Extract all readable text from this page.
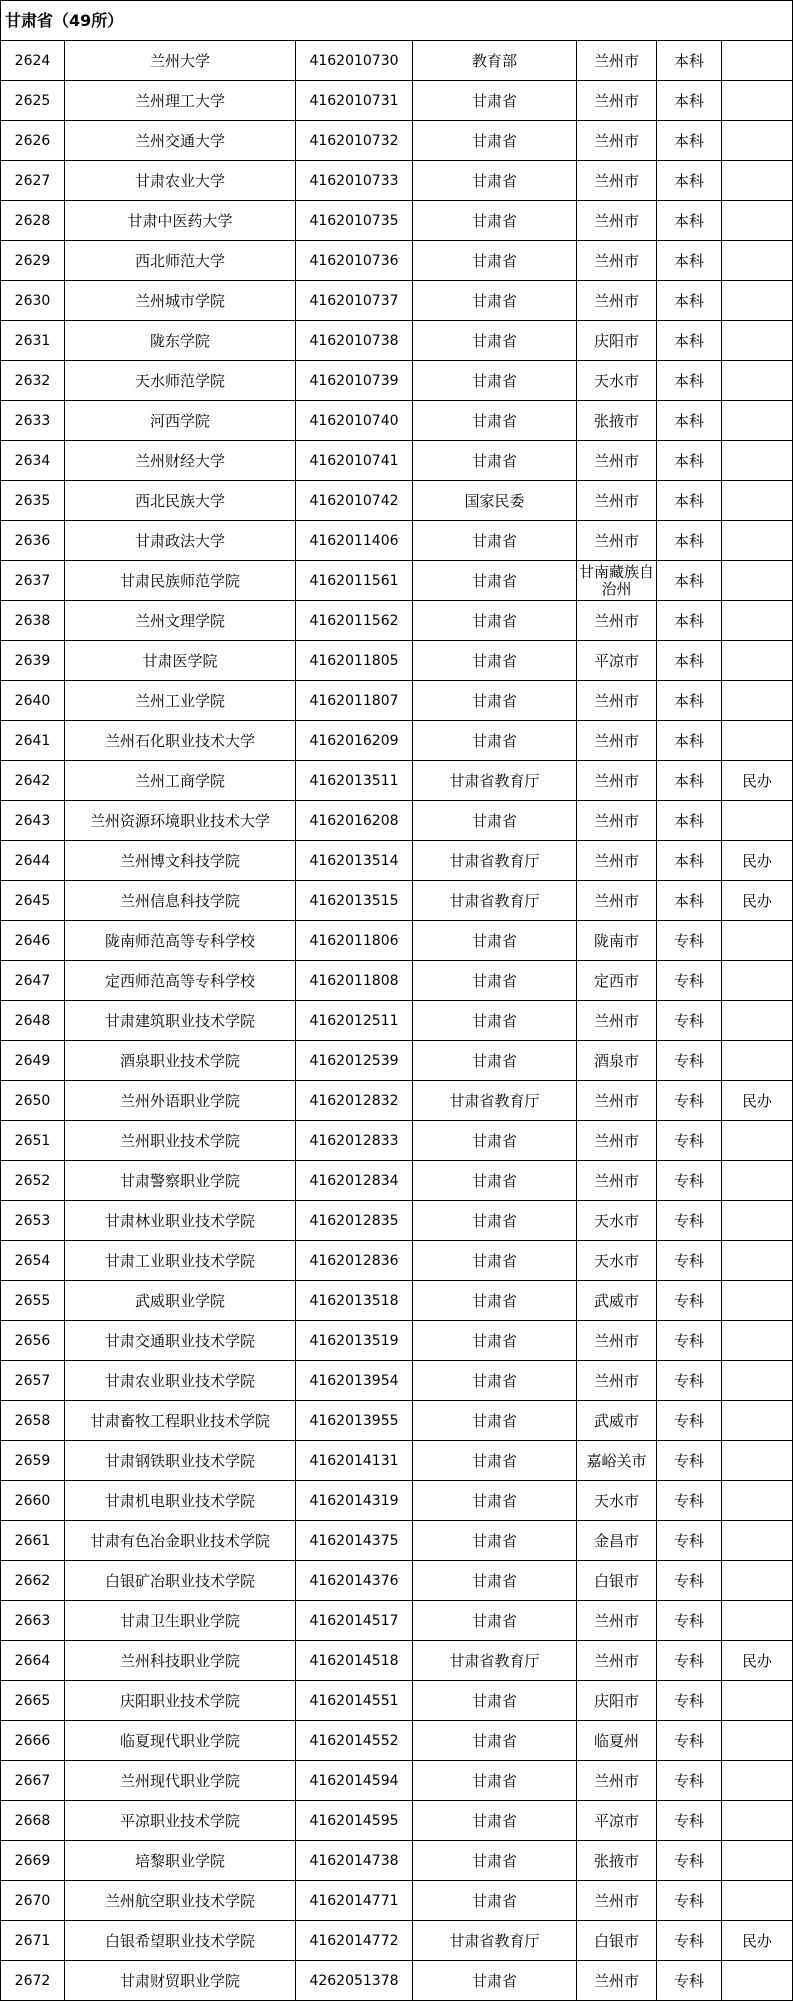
甘肃省（49所）						
2624	兰州大学	4162010730	教育部	兰州市	本科	
2625	兰州理工大学	4162010731	甘肃省	兰州市	本科	
2626	兰州交通大学	4162010732	甘肃省	兰州市	本科	
2627	甘肃农业大学	4162010733	甘肃省	兰州市	本科	
2628	甘肃中医药大学	4162010735	甘肃省	兰州市	本科	
2629	西北师范大学	4162010736	甘肃省	兰州市	本科	
2630	兰州城市学院	4162010737	甘肃省	兰州市	本科	
2631	陇东学院	4162010738	甘肃省	庆阳市	本科	
2632	天水师范学院	4162010739	甘肃省	天水市	本科	
2633	河西学院	4162010740	甘肃省	张掖市	本科	
2634	兰州财经大学	4162010741	甘肃省	兰州市	本科	
2635	西北民族大学	4162010742	国家民委	兰州市	本科	
2636	甘肃政法大学	4162011406	甘肃省	兰州市	本科	
2637	甘肃民族师范学院	4162011561	甘肃省	甘南藏族自治州	本科	
2638	兰州文理学院	4162011562	甘肃省	兰州市	本科	
2639	甘肃医学院	4162011805	甘肃省	平凉市	本科	
2640	兰州工业学院	4162011807	甘肃省	兰州市	本科	
2641	兰州石化职业技术大学	4162016209	甘肃省	兰州市	本科	
2642	兰州工商学院	4162013511	甘肃省教育厅	兰州市	本科	民办
2643	兰州资源环境职业技术大学	4162016208	甘肃省	兰州市	本科	
2644	兰州博文科技学院	4162013514	甘肃省教育厅	兰州市	本科	民办
2645	兰州信息科技学院	4162013515	甘肃省教育厅	兰州市	本科	民办
2646	陇南师范高等专科学校	4162011806	甘肃省	陇南市	专科	
2647	定西师范高等专科学校	4162011808	甘肃省	定西市	专科	
2648	甘肃建筑职业技术学院	4162012511	甘肃省	兰州市	专科	
2649	酒泉职业技术学院	4162012539	甘肃省	酒泉市	专科	
2650	兰州外语职业学院	4162012832	甘肃省教育厅	兰州市	专科	民办
2651	兰州职业技术学院	4162012833	甘肃省	兰州市	专科	
2652	甘肃警察职业学院	4162012834	甘肃省	兰州市	专科	
2653	甘肃林业职业技术学院	4162012835	甘肃省	天水市	专科	
2654	甘肃工业职业技术学院	4162012836	甘肃省	天水市	专科	
2655	武威职业学院	4162013518	甘肃省	武威市	专科	
2656	甘肃交通职业技术学院	4162013519	甘肃省	兰州市	专科	
2657	甘肃农业职业技术学院	4162013954	甘肃省	兰州市	专科	
2658	甘肃畜牧工程职业技术学院	4162013955	甘肃省	武威市	专科	
2659	甘肃钢铁职业技术学院	4162014131	甘肃省	嘉峪关市	专科	
2660	甘肃机电职业技术学院	4162014319	甘肃省	天水市	专科	
2661	甘肃有色冶金职业技术学院	4162014375	甘肃省	金昌市	专科	
2662	白银矿冶职业技术学院	4162014376	甘肃省	白银市	专科	
2663	甘肃卫生职业学院	4162014517	甘肃省	兰州市	专科	
2664	兰州科技职业学院	4162014518	甘肃省教育厅	兰州市	专科	民办
2665	庆阳职业技术学院	4162014551	甘肃省	庆阳市	专科	
2666	临夏现代职业学院	4162014552	甘肃省	临夏州	专科	
2667	兰州现代职业学院	4162014594	甘肃省	兰州市	专科	
2668	平凉职业技术学院	4162014595	甘肃省	平凉市	专科	
2669	培黎职业学院	4162014738	甘肃省	张掖市	专科	
2670	兰州航空职业技术学院	4162014771	甘肃省	兰州市	专科	
2671	白银希望职业技术学院	4162014772	甘肃省教育厅	白银市	专科	民办
2672	甘肃财贸职业学院	4262051378	甘肃省	兰州市	专科	
